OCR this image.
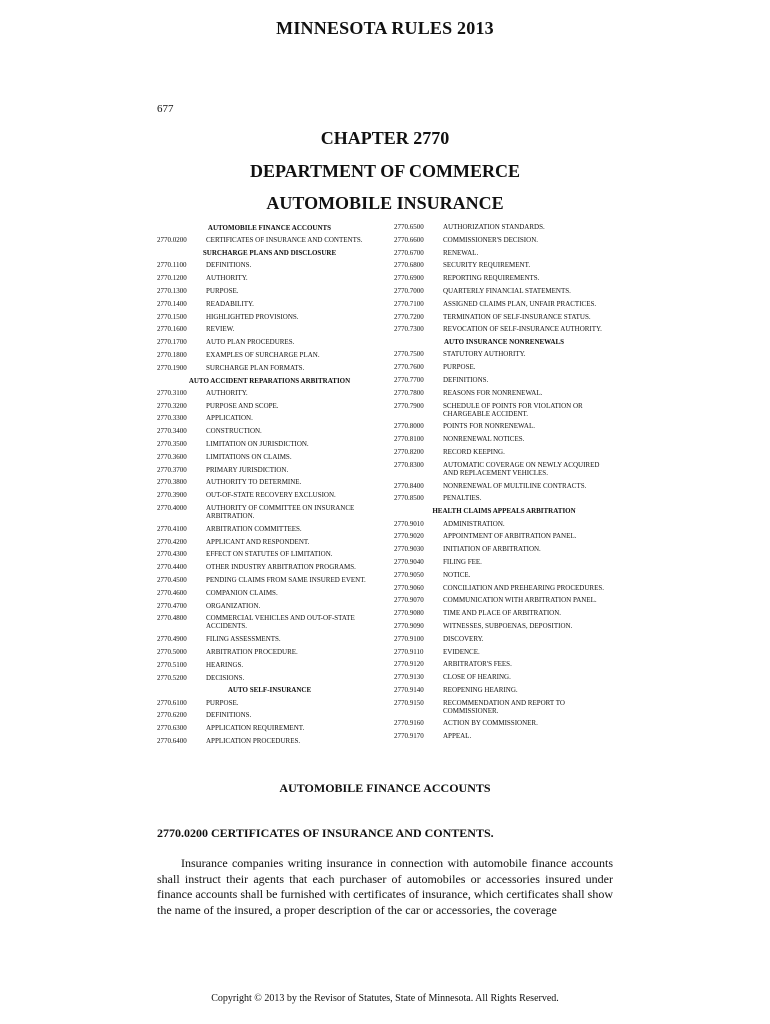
MINNESOTA RULES 2013
677
CHAPTER 2770
DEPARTMENT OF COMMERCE
AUTOMOBILE INSURANCE
AUTOMOBILE FINANCE ACCOUNTS
2770.0200	CERTIFICATES OF INSURANCE AND CONTENTS.
SURCHARGE PLANS AND DISCLOSURE
2770.1100	DEFINITIONS.
2770.1200	AUTHORITY.
2770.1300	PURPOSE.
2770.1400	READABILITY.
2770.1500	HIGHLIGHTED PROVISIONS.
2770.1600	REVIEW.
2770.1700	AUTO PLAN PROCEDURES.
2770.1800	EXAMPLES OF SURCHARGE PLAN.
2770.1900	SURCHARGE PLAN FORMATS.
AUTO ACCIDENT REPARATIONS ARBITRATION
2770.3100	AUTHORITY.
2770.3200	PURPOSE AND SCOPE.
2770.3300	APPLICATION.
2770.3400	CONSTRUCTION.
2770.3500	LIMITATION ON JURISDICTION.
2770.3600	LIMITATIONS ON CLAIMS.
2770.3700	PRIMARY JURISDICTION.
2770.3800	AUTHORITY TO DETERMINE.
2770.3900	OUT-OF-STATE RECOVERY EXCLUSION.
2770.4000	AUTHORITY OF COMMITTEE ON INSURANCE ARBITRATION.
2770.4100	ARBITRATION COMMITTEES.
2770.4200	APPLICANT AND RESPONDENT.
2770.4300	EFFECT ON STATUTES OF LIMITATION.
2770.4400	OTHER INDUSTRY ARBITRATION PROGRAMS.
2770.4500	PENDING CLAIMS FROM SAME INSURED EVENT.
2770.4600	COMPANION CLAIMS.
2770.4700	ORGANIZATION.
2770.4800	COMMERCIAL VEHICLES AND OUT-OF-STATE ACCIDENTS.
2770.4900	FILING ASSESSMENTS.
2770.5000	ARBITRATION PROCEDURE.
2770.5100	HEARINGS.
2770.5200	DECISIONS.
AUTO SELF-INSURANCE
2770.6100	PURPOSE.
2770.6200	DEFINITIONS.
2770.6300	APPLICATION REQUIREMENT.
2770.6400	APPLICATION PROCEDURES.
2770.6500	AUTHORIZATION STANDARDS.
2770.6600	COMMISSIONER'S DECISION.
2770.6700	RENEWAL.
2770.6800	SECURITY REQUIREMENT.
2770.6900	REPORTING REQUIREMENTS.
2770.7000	QUARTERLY FINANCIAL STATEMENTS.
2770.7100	ASSIGNED CLAIMS PLAN, UNFAIR PRACTICES.
2770.7200	TERMINATION OF SELF-INSURANCE STATUS.
2770.7300	REVOCATION OF SELF-INSURANCE AUTHORITY.
AUTO INSURANCE NONRENEWALS
2770.7500	STATUTORY AUTHORITY.
2770.7600	PURPOSE.
2770.7700	DEFINITIONS.
2770.7800	REASONS FOR NONRENEWAL.
2770.7900	SCHEDULE OF POINTS FOR VIOLATION OR CHARGEABLE ACCIDENT.
2770.8000	POINTS FOR NONRENEWAL.
2770.8100	NONRENEWAL NOTICES.
2770.8200	RECORD KEEPING.
2770.8300	AUTOMATIC COVERAGE ON NEWLY ACQUIRED AND REPLACEMENT VEHICLES.
2770.8400	NONRENEWAL OF MULTILINE CONTRACTS.
2770.8500	PENALTIES.
HEALTH CLAIMS APPEALS ARBITRATION
2770.9010	ADMINISTRATION.
2770.9020	APPOINTMENT OF ARBITRATION PANEL.
2770.9030	INITIATION OF ARBITRATION.
2770.9040	FILING FEE.
2770.9050	NOTICE.
2770.9060	CONCILIATION AND PREHEARING PROCEDURES.
2770.9070	COMMUNICATION WITH ARBITRATION PANEL.
2770.9080	TIME AND PLACE OF ARBITRATION.
2770.9090	WITNESSES, SUBPOENAS, DEPOSITION.
2770.9100	DISCOVERY.
2770.9110	EVIDENCE.
2770.9120	ARBITRATOR'S FEES.
2770.9130	CLOSE OF HEARING.
2770.9140	REOPENING HEARING.
2770.9150	RECOMMENDATION AND REPORT TO COMMISSIONER.
2770.9160	ACTION BY COMMISSIONER.
2770.9170	APPEAL.
AUTOMOBILE FINANCE ACCOUNTS
2770.0200 CERTIFICATES OF INSURANCE AND CONTENTS.
Insurance companies writing insurance in connection with automobile finance accounts shall instruct their agents that each purchaser of automobiles or accessories insured under finance accounts shall be furnished with certificates of insurance, which certificates shall show the name of the insured, a proper description of the car or accessories, the coverage
Copyright © 2013 by the Revisor of Statutes, State of Minnesota. All Rights Reserved.
